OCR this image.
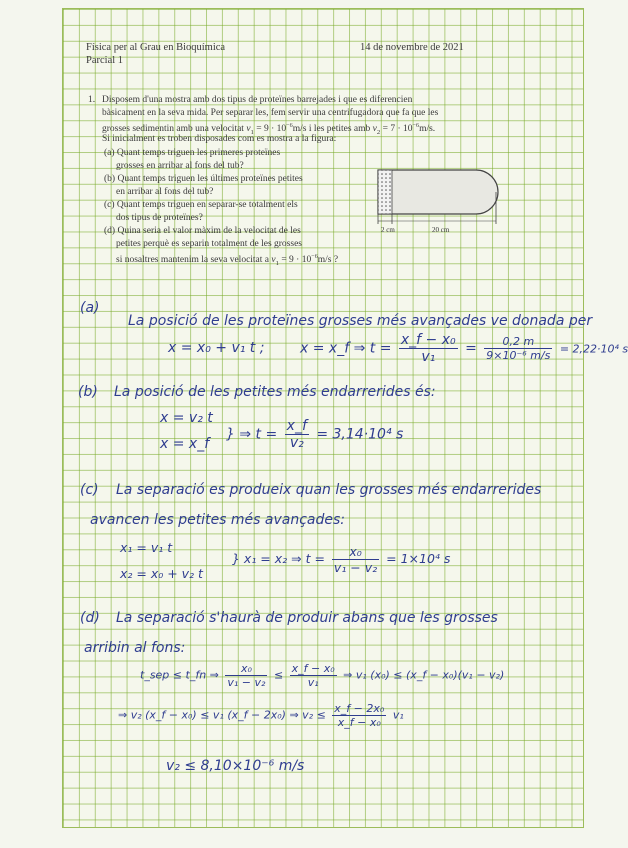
Física per al Grau en Bioquímica
Parcial 1
14 de novembre de 2021
1. Disposem d'una mostra amb dos tipus de proteïnes barrejades i que es diferencien
bàsicament en la seva mida. Per separar les, fem servir una centrifugadora que fa que les
grosses sedimentin amb una velocitat $v_1 = 9 \cdot 10^{-6}m/s$ i les petites amb $v_2 = 7 \cdot 10^{-6}m/s$.
Si inicialment es troben disposades com es mostra a la figura:
(a) Quant temps triguen les primeres proteïnes
grosses en arribar al fons del tub?
(b) Quant temps triguen les últimes proteïnes petites
en arribar al fons del tub?
(c) Quant temps triguen en separar-se totalment els
dos tipus de proteïnes?
(d) Quina seria el valor màxim de la velocitat de les
petites perquè es separin totalment de les grosses
si nosaltres mantenim la seva velocitat a $v_1 = 9 \cdot 10^{-6}m/s$ ?
2 cm	20 cm
(a)
La posició de les proteïnes grosses més avançades ve donada per
x = x₀ + v₁ t ;	x = x_f ⇒ $t = \frac{\text{x\_f − x₀}}{\text{v₁}} = \frac{0,2 m}{\text{9×10⁻⁶ m/s}} = 2,22\cdot 10^4$ s
(b) La posició de les petites més endarrerides és:
x = v₂ t
x = x_f
} ⇒ $t = \frac{x\_f}{\text{v₂}} = 3,14\cdot 10^4$ s
(c) La separació es produeix quan les grosses més endarrerides
avancen les petites més avançades:
x₁ = v₁ t
x₂ = x₀ + v₂ t
} x₁ = x₂ ⇒ $t = \frac{\text{x₀}}{\text{v₁ − v₂}} = 1\times 10^4$ s
(d) La separació s'haurà de produir abans que les grosses
arribin al fons:
t_sep ≤ t_fn ⇒ $\frac{\text{x₀}}{\text{v₁ − v₂}} \le \frac{\text{x\_f − x₀}}{\text{v₁}}$ ⇒ v₁ (x₀) ≤ (x_f − x₀)(v₁ − v₂)
⇒ v₂ (x_f − x₀) ≤ v₁ (x_f − 2x₀) ⇒ $v_2 \le \frac{\text{x\_f − 2x₀}}{\text{x\_f − x₀}} v_1$
v₂ ≤ 8,10×10⁻⁶ m/s
